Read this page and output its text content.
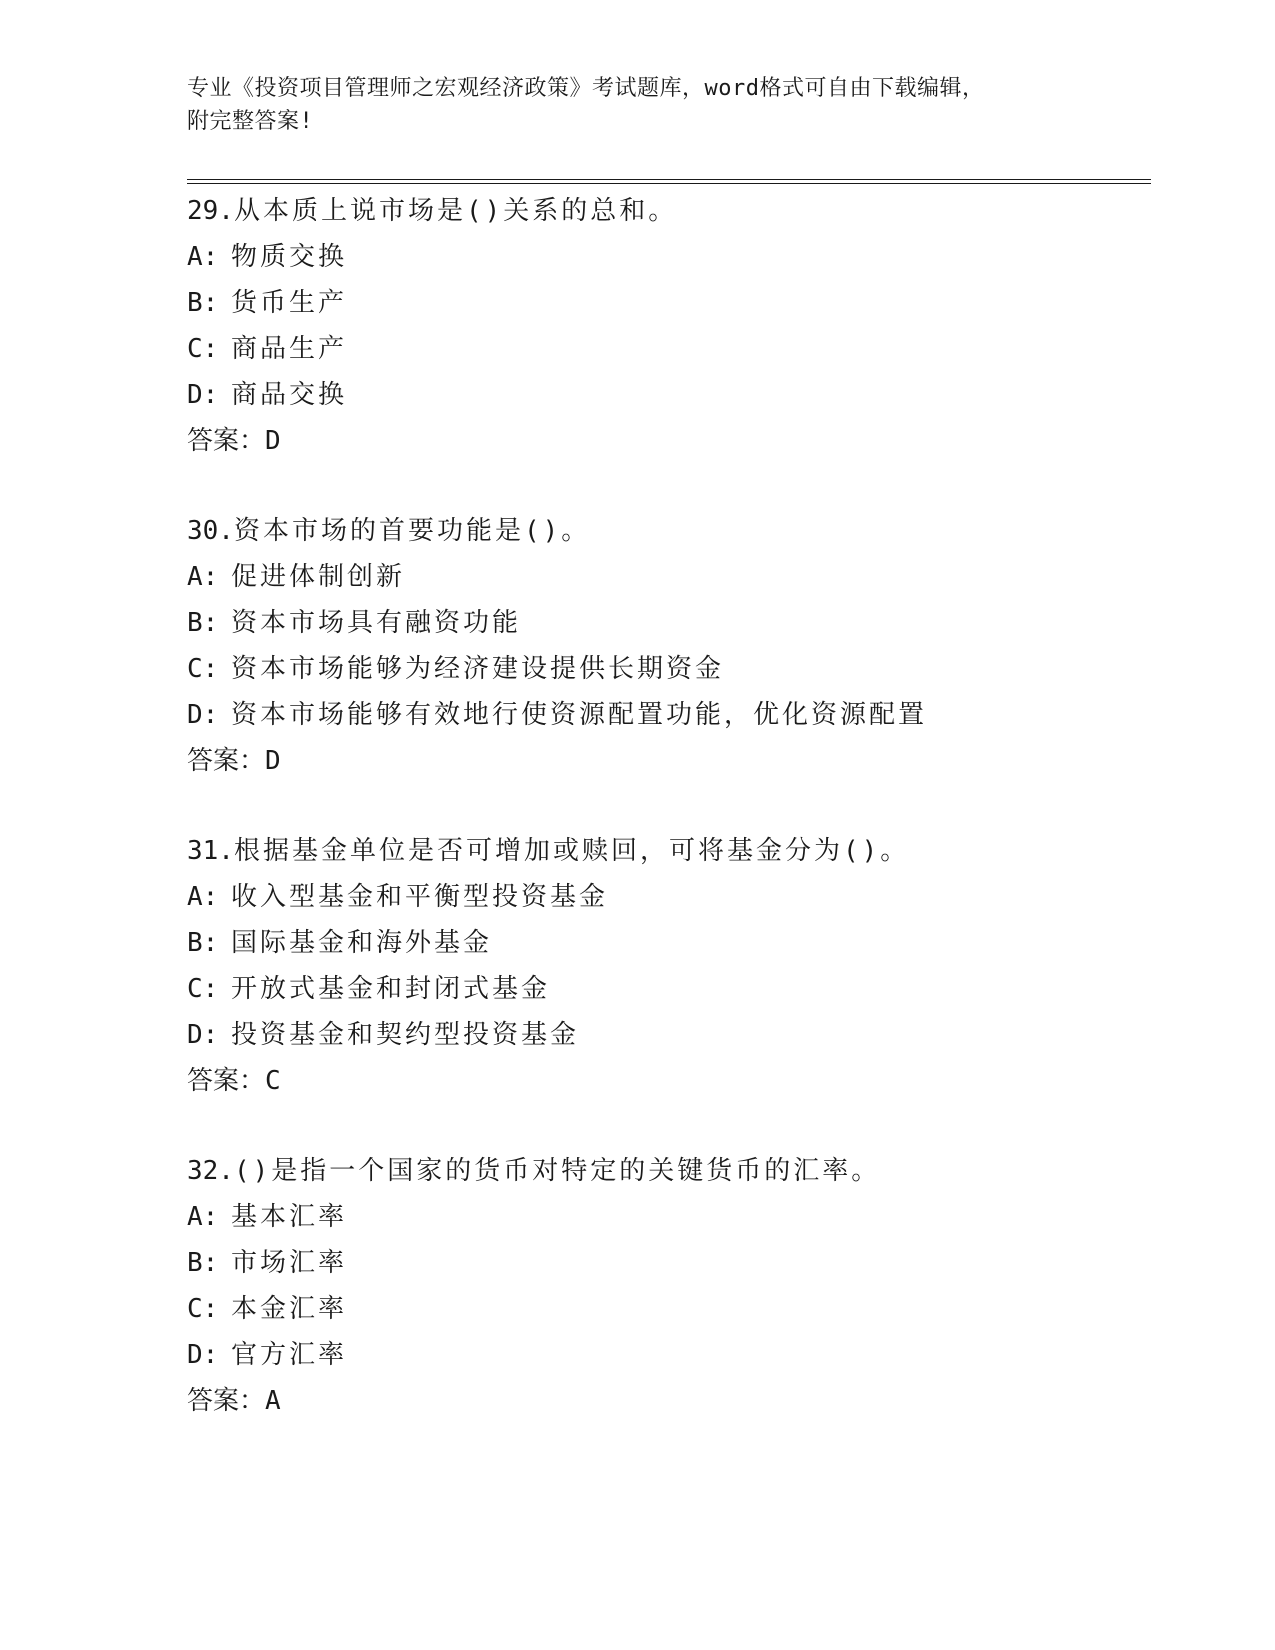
专业《投资项目管理师之宏观经济政策》考试题库，word格式可自由下载编辑，
附完整答案!
29.从本质上说市场是()关系的总和。
A: 物质交换
B: 货币生产
C: 商品生产
D: 商品交换
答案：D
30.资本市场的首要功能是()。
A: 促进体制创新
B: 资本市场具有融资功能
C: 资本市场能够为经济建设提供长期资金
D: 资本市场能够有效地行使资源配置功能，优化资源配置
答案：D
31.根据基金单位是否可增加或赎回，可将基金分为()。
A: 收入型基金和平衡型投资基金
B: 国际基金和海外基金
C: 开放式基金和封闭式基金
D: 投资基金和契约型投资基金
答案：C
32.()是指一个国家的货币对特定的关键货币的汇率。
A: 基本汇率
B: 市场汇率
C: 本金汇率
D: 官方汇率
答案：A
